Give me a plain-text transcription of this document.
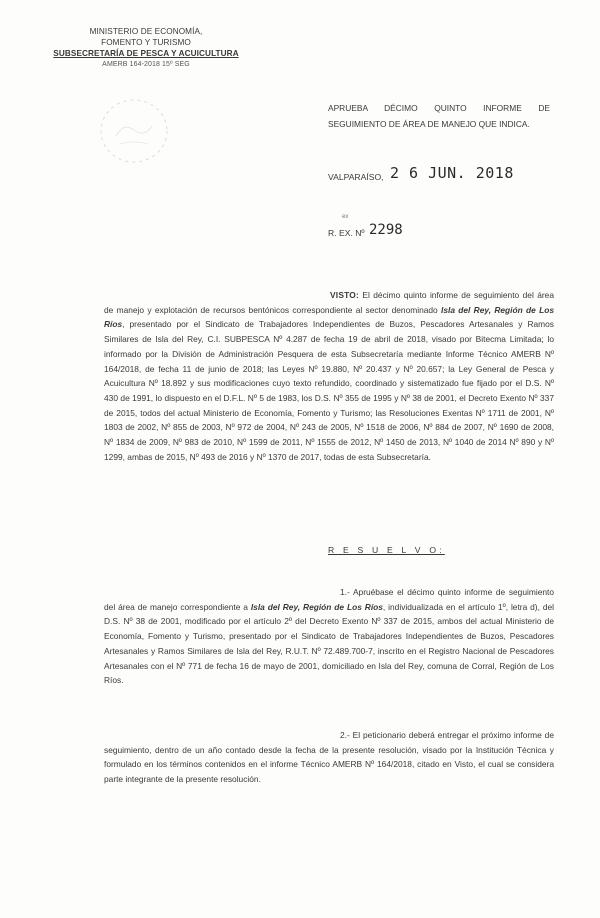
MINISTERIO DE ECONOMÍA,
FOMENTO Y TURISMO
SUBSECRETARÍA DE PESCA Y ACUICULTURA
AMERB 164-2018 15º SEG
APRUEBA DÉCIMO QUINTO INFORME DE SEGUIMIENTO DE ÁREA DE MANEJO QUE INDICA.
VALPARAÍSO, 2 6 JUN. 2018
ex
R. EX. Nº 2298

VISTO: El décimo quinto informe de seguimiento del área de manejo y explotación de recursos bentónicos correspondiente al sector denominado Isla del Rey, Región de Los Ríos, presentado por el Sindicato de Trabajadores Independientes de Buzos, Pescadores Artesanales y Ramos Similares de Isla del Rey, C.I. SUBPESCA Nº 4.287 de fecha 19 de abril de 2018, visado por Bitecma Limitada; lo informado por la División de Administración Pesquera de esta Subsecretaría mediante Informe Técnico AMERB Nº 164/2018, de fecha 11 de junio de 2018; las Leyes Nº 19.880, Nº 20.437 y Nº 20.657; la Ley General de Pesca y Acuicultura Nº 18.892 y sus modificaciones cuyo texto refundido, coordinado y sistematizado fue fijado por el D.S. Nº 430 de 1991, lo dispuesto en el D.F.L. Nº 5 de 1983, los D.S. Nº 355 de 1995 y Nº 38 de 2001, el Decreto Exento Nº 337 de 2015, todos del actual Ministerio de Economía, Fomento y Turismo; las Resoluciones Exentas Nº 1711 de 2001, Nº 1803 de 2002, Nº 855 de 2003, Nº 972 de 2004, Nº 243 de 2005, Nº 1518 de 2006, Nº 884 de 2007, Nº 1690 de 2008, Nº 1834 de 2009, Nº 983 de 2010, Nº 1599 de 2011, Nº 1555 de 2012, Nº 1450 de 2013, Nº 1040 de 2014 Nº 890 y Nº 1299, ambas de 2015, Nº 493 de 2016 y Nº 1370 de 2017, todas de esta Subsecretaría.

R E S U E L V O:

1.- Apruébase el décimo quinto informe de seguimiento del área de manejo correspondiente a Isla del Rey, Región de Los Ríos, individualizada en el artículo 1º, letra d), del D.S. Nº 38 de 2001, modificado por el artículo 2º del Decreto Exento Nº 337 de 2015, ambos del actual Ministerio de Economía, Fomento y Turismo, presentado por el Sindicato de Trabajadores Independientes de Buzos, Pescadores Artesanales y Ramos Similares de Isla del Rey, R.U.T. Nº 72.489.700-7, inscrito en el Registro Nacional de Pescadores Artesanales con el Nº 771 de fecha 16 de mayo de 2001, domiciliado en Isla del Rey, comuna de Corral, Región de Los Ríos.

2.- El peticionario deberá entregar el próximo informe de seguimiento, dentro de un año contado desde la fecha de la presente resolución, visado por la Institución Técnica y formulado en los términos contenidos en el informe Técnico AMERB Nº 164/2018, citado en Visto, el cual se considera parte integrante de la presente resolución.
